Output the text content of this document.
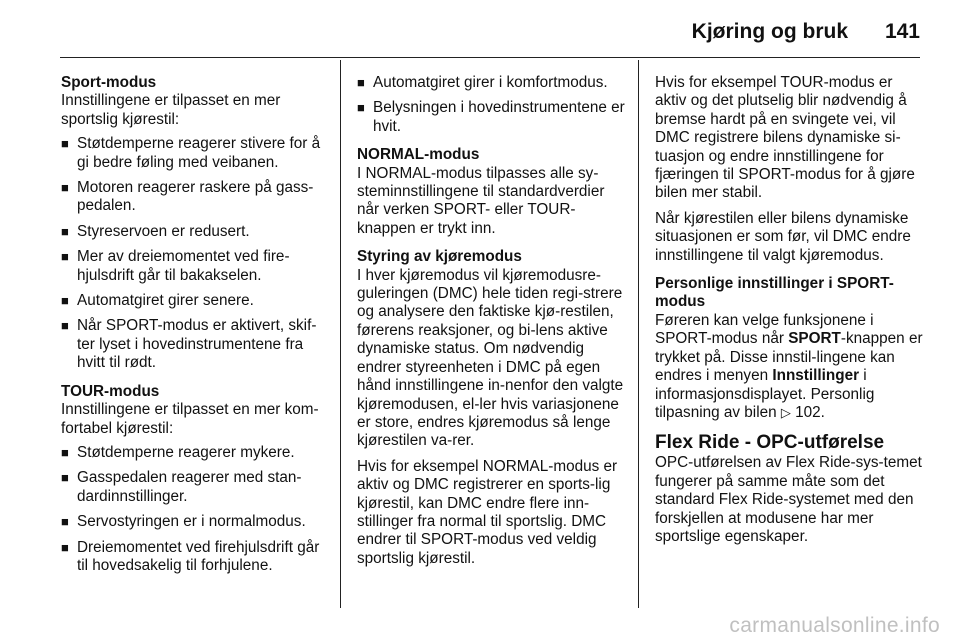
Kjøring og bruk 141

Sport-modus

Innstillingene er tilpasset en mer sportslig kjørestil:

■ Støtdemperne reagerer stivere for å gi bedre føling med veibanen.
■ Motoren reagerer raskere på gass-pedalen.
■ Styreservoen er redusert.
■ Mer av dreiemomentet ved fire-hjulsdrift går til bakakselen.
■ Automatgiret girer senere.
■ Når SPORT-modus er aktivert, skif-ter lyset i hovedinstrumentene fra hvitt til rødt.

TOUR-modus

Innstillingene er tilpasset en mer kom-fortabel kjørestil:

■ Støtdemperne reagerer mykere.
■ Gasspedalen reagerer med stan-dardinnstillinger.
■ Servostyringen er i normalmodus.
■ Dreiemomentet ved firehjulsdrift går til hovedsakelig til forhjulene.
■ Automatgiret girer i komfortmodus.
■ Belysningen i hovedinstrumentene er hvit.

NORMAL-modus

I NORMAL-modus tilpasses alle sy-steminnstillingene til standardverdier når verken SPORT- eller TOUR-knappen er trykt inn.

Styring av kjøremodus

I hver kjøremodus vil kjøremodusre-guleringen (DMC) hele tiden regi-strere og analysere den faktiske kjø-restilen, førerens reaksjoner, og bi-lens aktive dynamiske status. Om nødvendig endrer styreenheten i DMC på egen hånd innstillingene in-nenfor den valgte kjøremodusen, el-ler hvis variasjonene er store, endres kjøremodus så lenge kjørestilen va-rer.

Hvis for eksempel NORMAL-modus er aktiv og DMC registrerer en sports-lig kjørestil, kan DMC endre flere inn-stillinger fra normal til sportslig. DMC endrer til SPORT-modus ved veldig sportslig kjørestil.

Hvis for eksempel TOUR-modus er aktiv og det plutselig blir nødvendig å bremse hardt på en svingete vei, vil DMC registrere bilens dynamiske si-tuasjon og endre innstillingene for fjæringen til SPORT-modus for å gjøre bilen mer stabil.

Når kjørestilen eller bilens dynamiske situasjonen er som før, vil DMC endre innstillingene til valgt kjøremodus.

Personlige innstillinger i SPORT-modus

Føreren kan velge funksjonene i SPORT-modus når SPORT-knappen er trykket på. Disse innstil-lingene kan endres i menyen Innstillinger i informasjonsdisplayet. Personlig tilpasning av bilen ▷ 102.

Flex Ride - OPC-utførelse

OPC-utførelsen av Flex Ride-sys-temet fungerer på samme måte som det standard Flex Ride-systemet med den forskjellen at modusene har mer sportslige egenskaper.

carmanualsonline.info
